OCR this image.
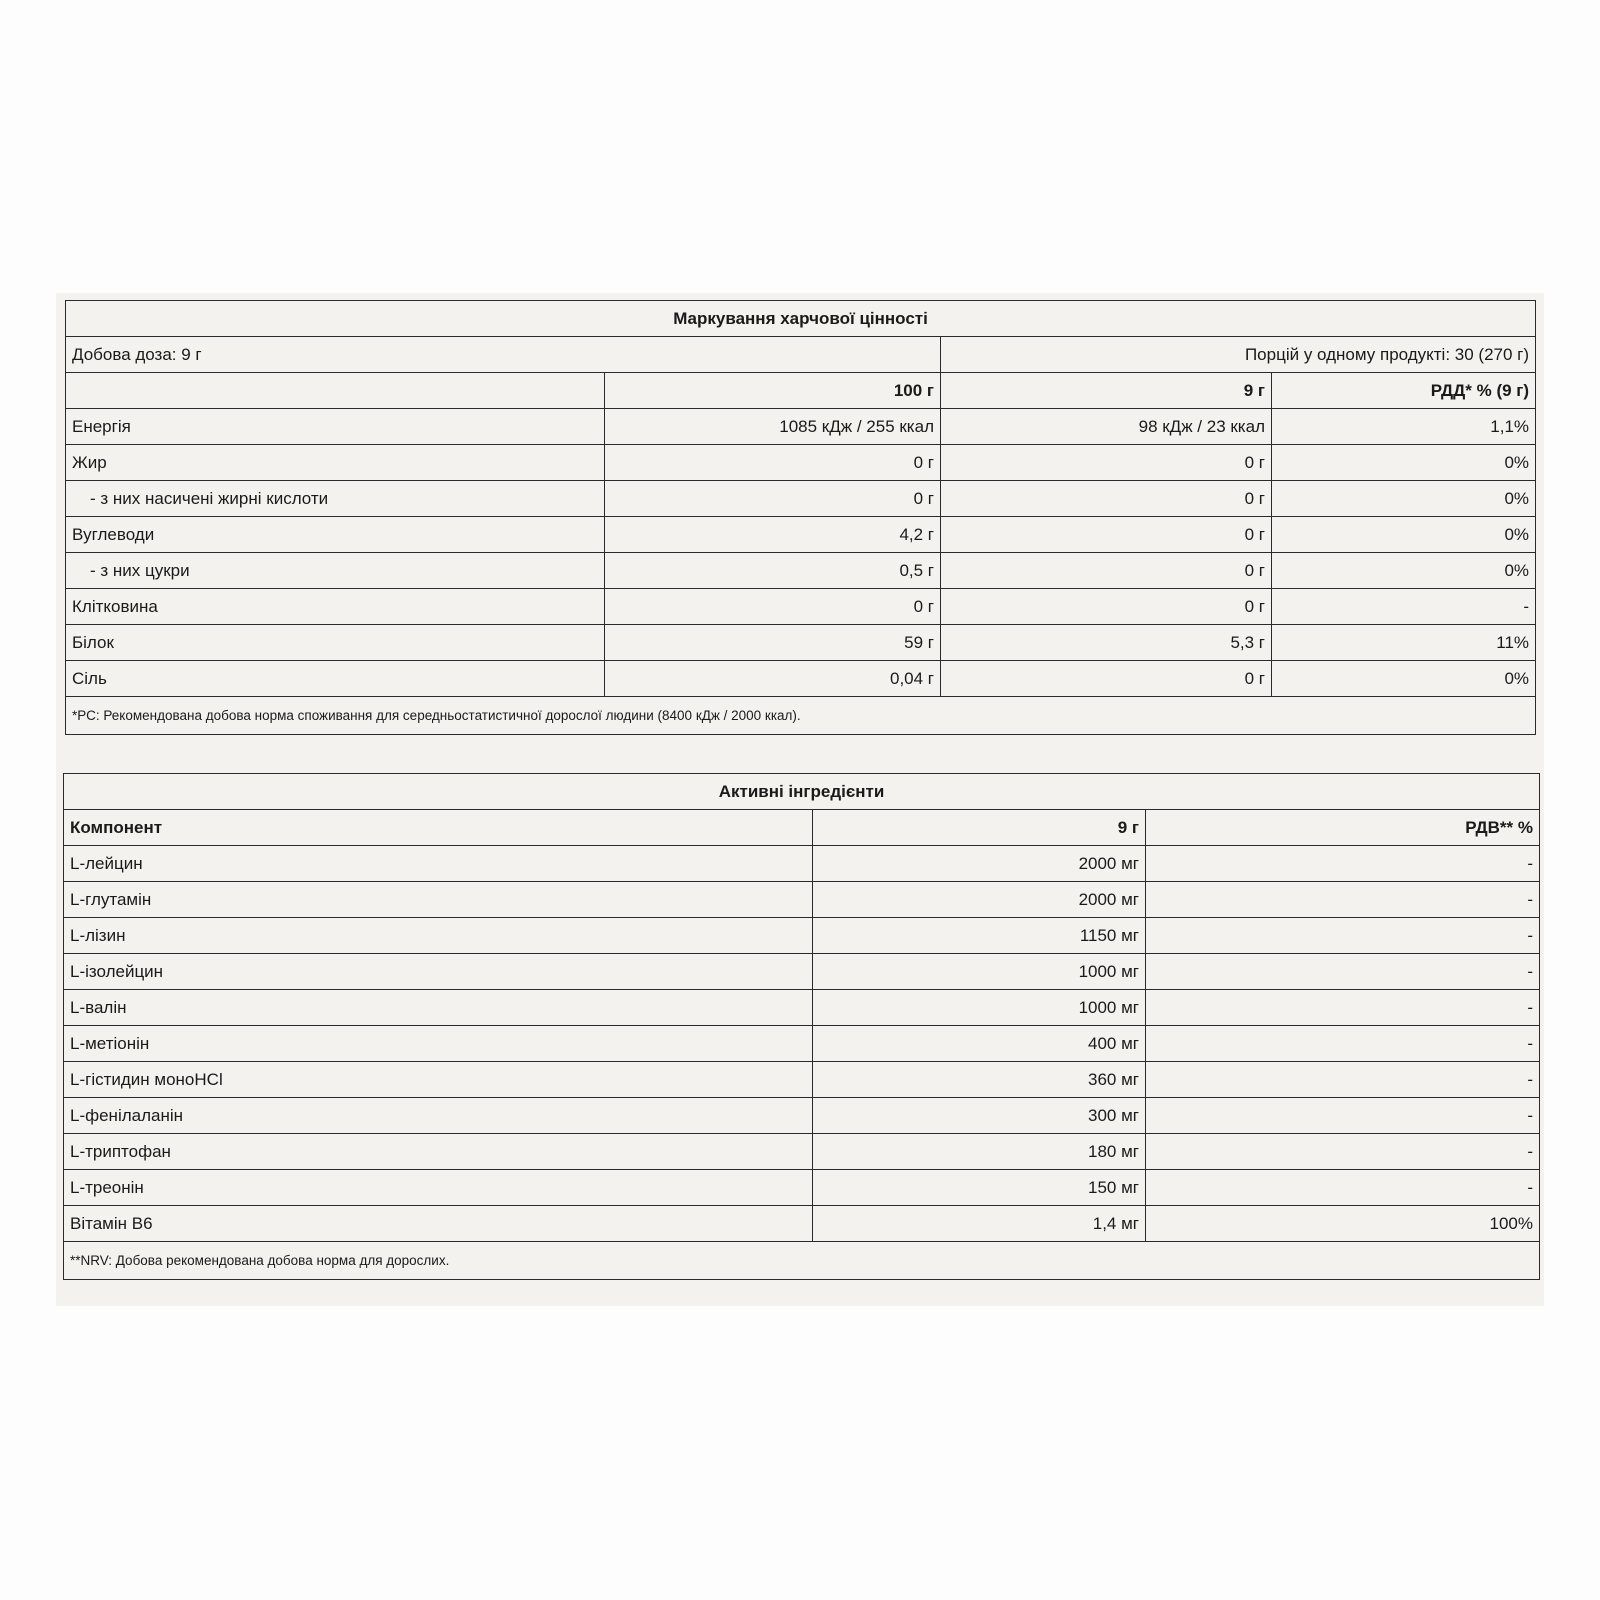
Маркування харчової цінності			
Добова доза: 9 г		Порцій у одному продукті: 30 (270 г)	
	100 г	9 г	РДД* % (9 г)
Енергія	1085 кДж / 255 ккал	98 кДж / 23 ккал	1,1%
Жир	0 г	0 г	0%
- з них насичені жирні кислоти	0 г	0 г	0%
Вуглеводи	4,2 г	0 г	0%
- з них цукри	0,5 г	0 г	0%
Клітковина	0 г	0 г	-
Білок	59 г	5,3 г	11%
Сіль	0,04 г	0 г	0%
*РС: Рекомендована добова норма споживання для середньостатистичної дорослої людини (8400 кДж / 2000 ккал).			
Активні інгредієнти		
Компонент	9 г	РДВ** %
L-лейцин	2000 мг	-
L-глутамін	2000 мг	-
L-лізин	1150 мг	-
L-ізолейцин	1000 мг	-
L-валін	1000 мг	-
L-метіонін	400 мг	-
L-гістидин моноHCl	360 мг	-
L-фенілаланін	300 мг	-
L-триптофан	180 мг	-
L-треонін	150 мг	-
Вітамін B6	1,4 мг	100%
**NRV: Добова рекомендована добова норма для дорослих.		
